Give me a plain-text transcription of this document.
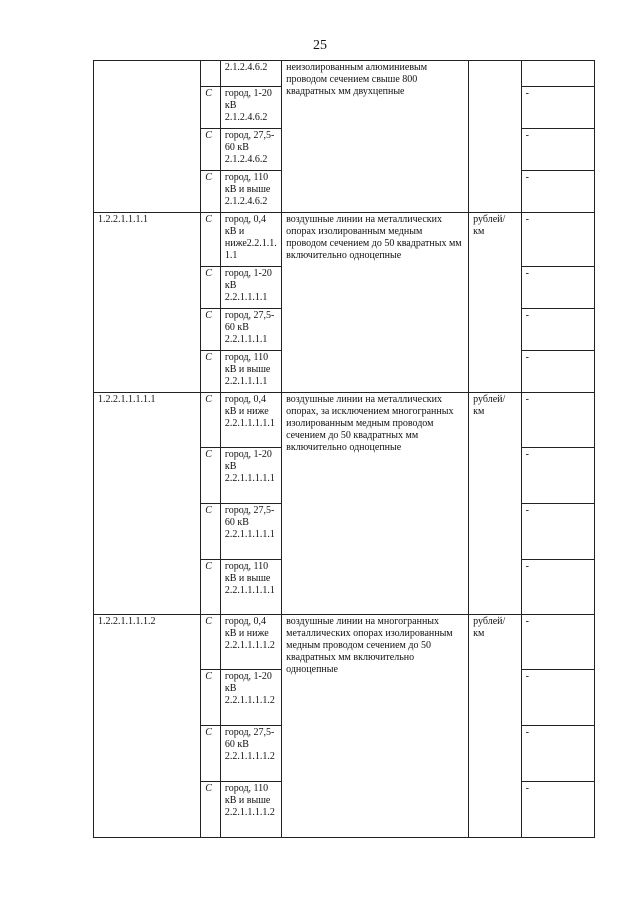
25
		2.1.2.4.6.2	неизолированным алюминиевым проводом сечением свыше 800 квадратных мм двухцепные		
	С	город, 1-20 кВ 2.1.2.4.6.2			-
	С	город, 27,5-60 кВ 2.1.2.4.6.2			-
	С	город, 110 кВ и выше 2.1.2.4.6.2			-
1.2.2.1.1.1.1	С	город, 0,4 кВ и ниже2.2.1.1.1.1	воздушные линии на металлических опорах изолированным медным проводом сечением до 50 квадратных мм включительно одноцепные	рублей/ км	-
	С	город, 1-20 кВ 2.2.1.1.1.1			-
	С	город, 27,5-60 кВ 2.2.1.1.1.1			-
	С	город, 110 кВ и выше 2.2.1.1.1.1			-
1.2.2.1.1.1.1.1	С	город, 0,4 кВ и ниже 2.2.1.1.1.1.1	воздушные линии на металлических опорах, за исключением многогранных изолированным медным проводом сечением до 50 квадратных мм включительно одноцепные	рублей/ км	-
	С	город, 1-20 кВ 2.2.1.1.1.1.1			-
	С	город, 27,5-60 кВ 2.2.1.1.1.1.1			-
	С	город, 110 кВ и выше 2.2.1.1.1.1.1			-
1.2.2.1.1.1.1.2	С	город, 0,4 кВ и ниже 2.2.1.1.1.1.2	воздушные линии на многогранных металлических опорах изолированным медным проводом сечением до 50 квадратных мм включительно одноцепные	рублей/ км	-
	С	город, 1-20 кВ 2.2.1.1.1.1.2			-
	С	город, 27,5-60 кВ 2.2.1.1.1.1.2			-
	С	город, 110 кВ и выше 2.2.1.1.1.1.2			-
